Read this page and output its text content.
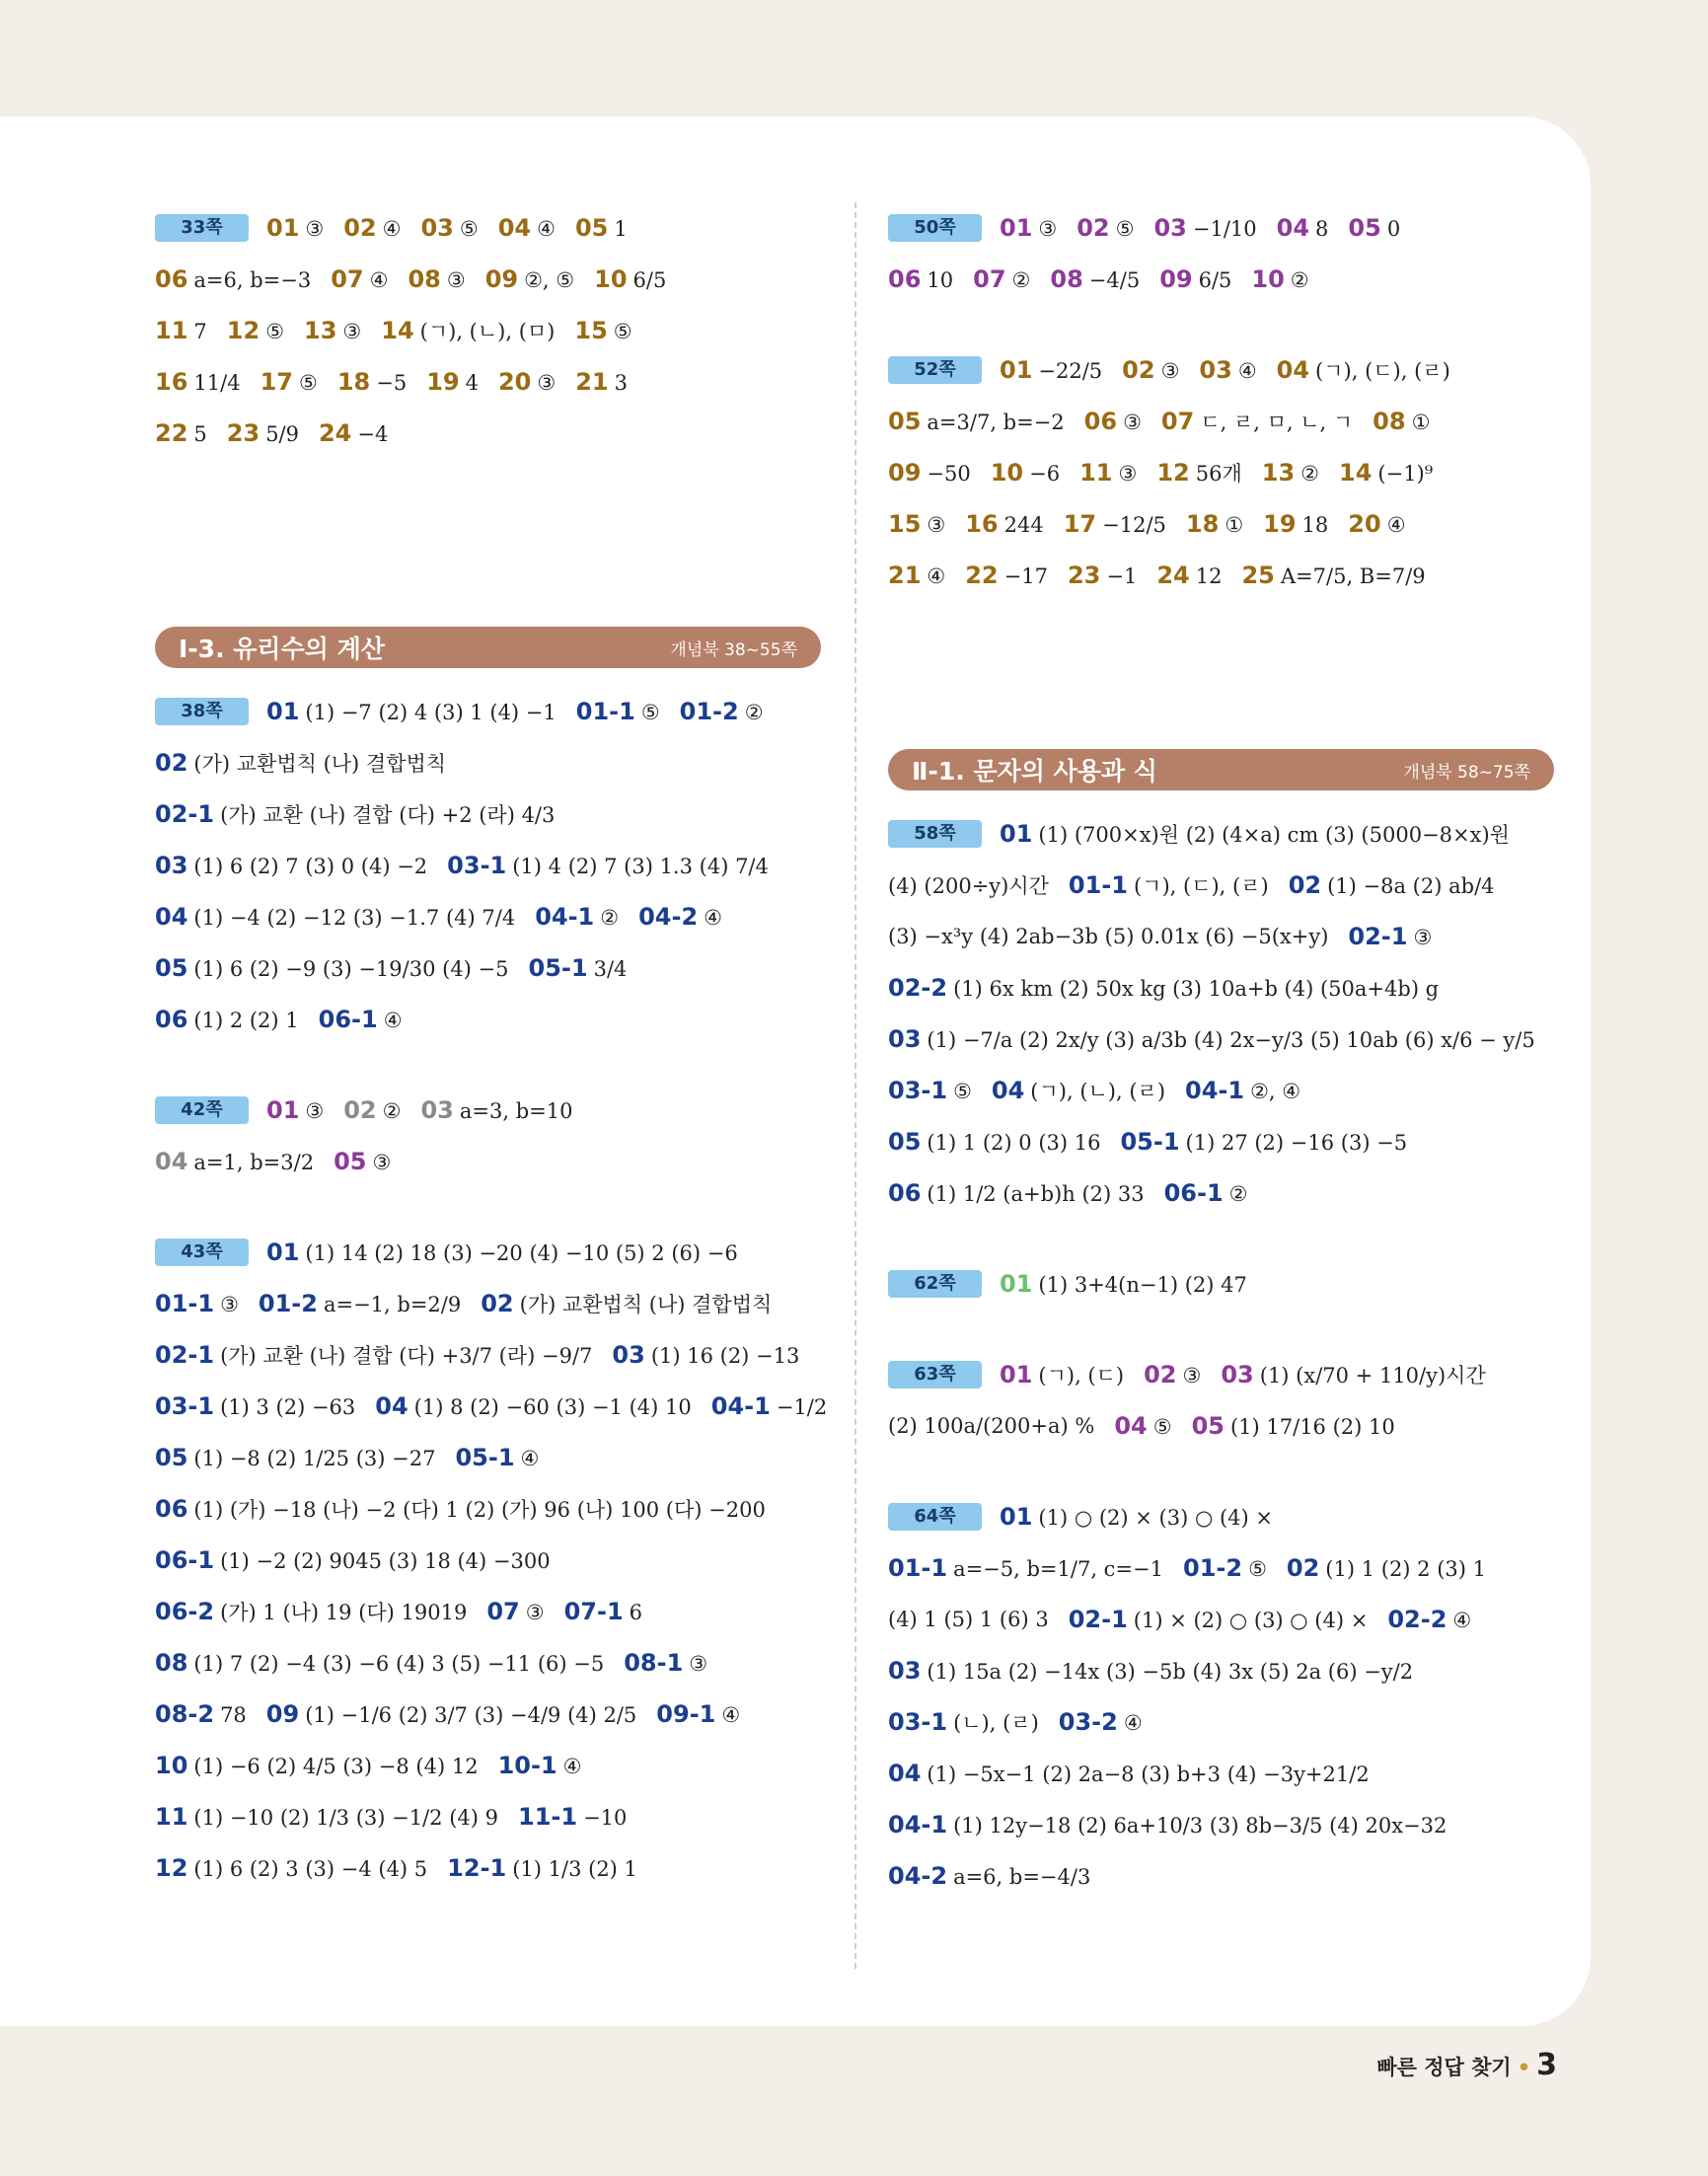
33쪽	01 ③ 02 ④ 03 ⑤ 04 ④ 05 1
06 a=6, b=−3 07 ④ 08 ③ 09 ②, ⑤ 10 6/5
11 7 12 ⑤ 13 ③ 14 (ㄱ), (ㄴ), (ㅁ) 15 ⑤
16 11/4 17 ⑤ 18 −5 19 4 20 ③ 21 3
22 5 23 5/9 24 −4
Ⅰ-3. 유리수의 계산	개념북 38~55쪽
38쪽	01 (1) −7 (2) 4 (3) 1 (4) −1 01-1 ⑤ 01-2 ②
02 (가) 교환법칙 (나) 결합법칙
02-1 (가) 교환 (나) 결합 (다) +2 (라) 4/3
03 (1) 6 (2) 7 (3) 0 (4) −2 03-1 (1) 4 (2) 7 (3) 1.3 (4) 7/4
04 (1) −4 (2) −12 (3) −1.7 (4) 7/4 04-1 ② 04-2 ④
05 (1) 6 (2) −9 (3) −19/30 (4) −5 05-1 3/4
06 (1) 2 (2) 1 06-1 ④
42쪽	01 ③ 02 ② 03 a=3, b=10
04 a=1, b=3/2 05 ③
43쪽	01 (1) 14 (2) 18 (3) −20 (4) −10 (5) 2 (6) −6
01-1 ③ 01-2 a=−1, b=2/9 02 (가) 교환법칙 (나) 결합법칙
02-1 (가) 교환 (나) 결합 (다) +3/7 (라) −9/7 03 (1) 16 (2) −13
03-1 (1) 3 (2) −63 04 (1) 8 (2) −60 (3) −1 (4) 10 04-1 −1/2
05 (1) −8 (2) 1/25 (3) −27 05-1 ④
06 (1) (가) −18 (나) −2 (다) 1 (2) (가) 96 (나) 100 (다) −200
06-1 (1) −2 (2) 9045 (3) 18 (4) −300
06-2 (가) 1 (나) 19 (다) 19019 07 ③ 07-1 6
08 (1) 7 (2) −4 (3) −6 (4) 3 (5) −11 (6) −5 08-1 ③
08-2 78 09 (1) −1/6 (2) 3/7 (3) −4/9 (4) 2/5 09-1 ④
10 (1) −6 (2) 4/5 (3) −8 (4) 12 10-1 ④
11 (1) −10 (2) 1/3 (3) −1/2 (4) 9 11-1 −10
12 (1) 6 (2) 3 (3) −4 (4) 5 12-1 (1) 1/3 (2) 1
50쪽	01 ③ 02 ⑤ 03 −1/10 04 8 05 0
06 10 07 ② 08 −4/5 09 6/5 10 ②
52쪽	01 −22/5 02 ③ 03 ④ 04 (ㄱ), (ㄷ), (ㄹ)
05 a=3/7, b=−2 06 ③ 07 ㄷ, ㄹ, ㅁ, ㄴ, ㄱ 08 ①
09 −50 10 −6 11 ③ 12 56개 13 ② 14 (−1)⁹
15 ③ 16 244 17 −12/5 18 ① 19 18 20 ④
21 ④ 22 −17 23 −1 24 12 25 A=7/5, B=7/9
Ⅱ-1. 문자의 사용과 식	개념북 58~75쪽
58쪽	01 (1) (700×x)원 (2) (4×a) cm (3) (5000−8×x)원
(4) (200÷y)시간 01-1 (ㄱ), (ㄷ), (ㄹ) 02 (1) −8a (2) ab/4
(3) −x³y (4) 2ab−3b (5) 0.01x (6) −5(x+y) 02-1 ③
02-2 (1) 6x km (2) 50x kg (3) 10a+b (4) (50a+4b) g
03 (1) −7/a (2) 2x/y (3) a/3b (4) 2x−y/3 (5) 10ab (6) x/6 − y/5
03-1 ⑤ 04 (ㄱ), (ㄴ), (ㄹ) 04-1 ②, ④
05 (1) 1 (2) 0 (3) 16 05-1 (1) 27 (2) −16 (3) −5
06 (1) 1/2 (a+b)h (2) 33 06-1 ②
62쪽	01 (1) 3+4(n−1) (2) 47
63쪽	01 (ㄱ), (ㄷ) 02 ③ 03 (1) (x/70 + 110/y)시간
(2) 100a/(200+a) % 04 ⑤ 05 (1) 17/16 (2) 10
64쪽	01 (1) ○ (2) × (3) ○ (4) ×
01-1 a=−5, b=1/7, c=−1 01-2 ⑤ 02 (1) 1 (2) 2 (3) 1
(4) 1 (5) 1 (6) 3 02-1 (1) × (2) ○ (3) ○ (4) × 02-2 ④
03 (1) 15a (2) −14x (3) −5b (4) 3x (5) 2a (6) −y/2
03-1 (ㄴ), (ㄹ) 03-2 ④
04 (1) −5x−1 (2) 2a−8 (3) b+3 (4) −3y+21/2
04-1 (1) 12y−18 (2) 6a+10/3 (3) 8b−3/5 (4) 20x−32
04-2 a=6, b=−4/3
빠른 정답 찾기 • 3
